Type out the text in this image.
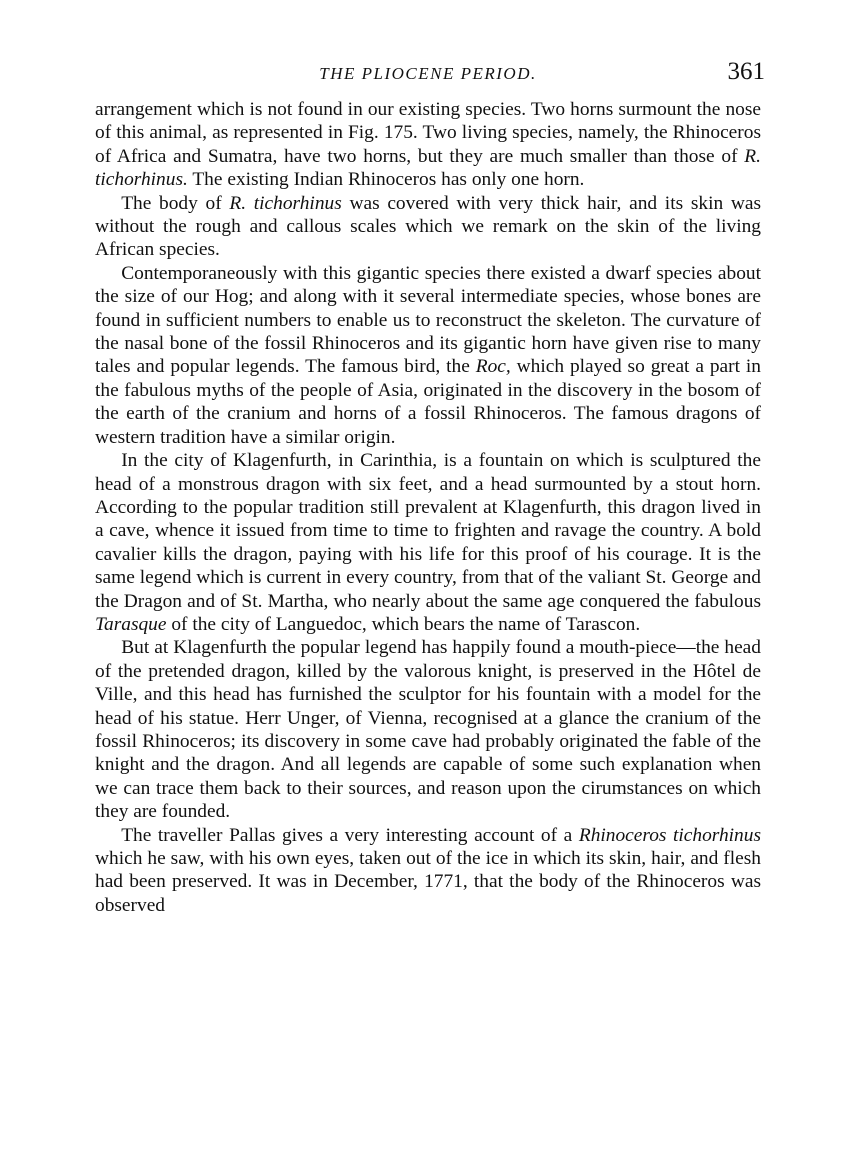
THE PLIOCENE PERIOD.	361

arrangement which is not found in our existing species. Two horns surmount the nose of this animal, as represented in Fig. 175. Two living species, namely, the Rhinoceros of Africa and Sumatra, have two horns, but they are much smaller than those of R. tichorhinus. The existing Indian Rhinoceros has only one horn.

The body of R. tichorhinus was covered with very thick hair, and its skin was without the rough and callous scales which we remark on the skin of the living African species.

Contemporaneously with this gigantic species there existed a dwarf species about the size of our Hog; and along with it several intermediate species, whose bones are found in sufficient numbers to enable us to reconstruct the skeleton. The curvature of the nasal bone of the fossil Rhinoceros and its gigantic horn have given rise to many tales and popular legends. The famous bird, the Roc, which played so great a part in the fabulous myths of the people of Asia, originated in the discovery in the bosom of the earth of the cranium and horns of a fossil Rhinoceros. The famous dragons of western tradition have a similar origin.

In the city of Klagenfurth, in Carinthia, is a fountain on which is sculptured the head of a monstrous dragon with six feet, and a head surmounted by a stout horn. According to the popular tradition still prevalent at Klagenfurth, this dragon lived in a cave, whence it issued from time to time to frighten and ravage the country. A bold cavalier kills the dragon, paying with his life for this proof of his courage. It is the same legend which is current in every country, from that of the valiant St. George and the Dragon and of St. Martha, who nearly about the same age conquered the fabulous Tarasque of the city of Languedoc, which bears the name of Tarascon.

But at Klagenfurth the popular legend has happily found a mouth-piece—the head of the pretended dragon, killed by the valorous knight, is preserved in the Hôtel de Ville, and this head has furnished the sculptor for his fountain with a model for the head of his statue. Herr Unger, of Vienna, recognised at a glance the cranium of the fossil Rhinoceros; its discovery in some cave had probably originated the fable of the knight and the dragon. And all legends are capable of some such explanation when we can trace them back to their sources, and reason upon the cirumstances on which they are founded.

The traveller Pallas gives a very interesting account of a Rhinoceros tichorhinus which he saw, with his own eyes, taken out of the ice in which its skin, hair, and flesh had been preserved. It was in December, 1771, that the body of the Rhinoceros was observed
